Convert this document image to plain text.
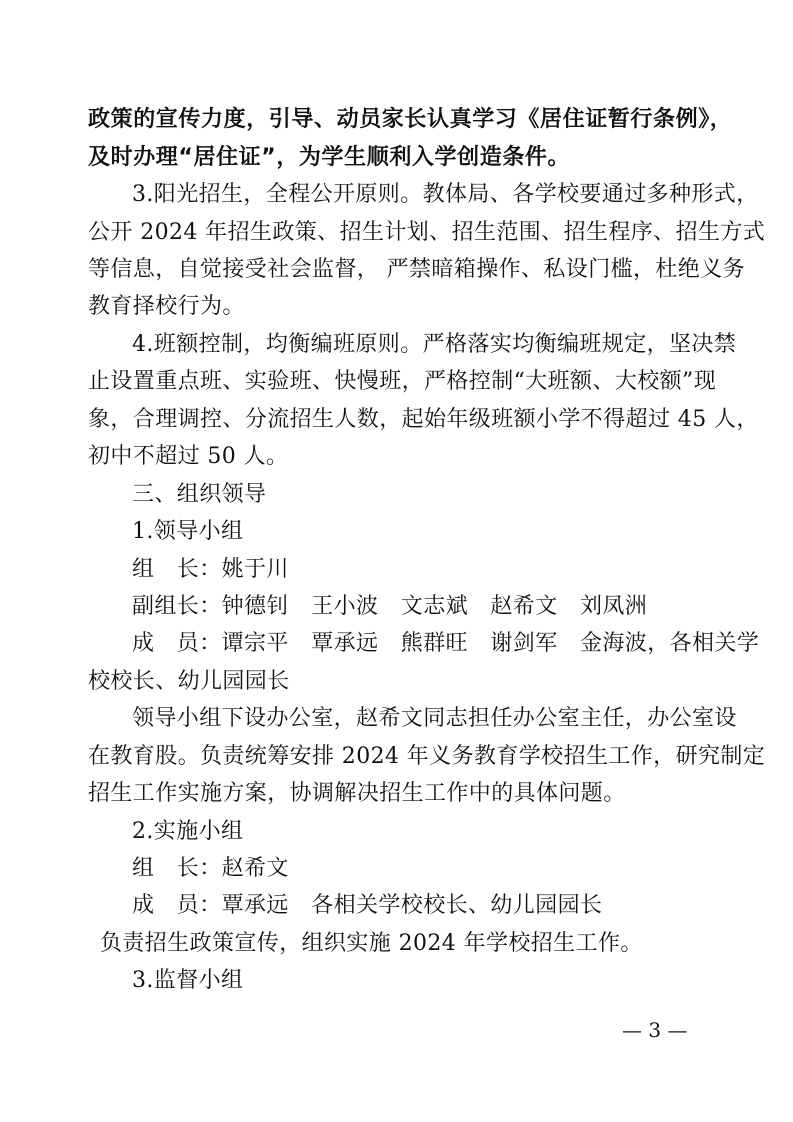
政策的宣传力度，引导、动员家长认真学习《居住证暂行条例》，
及时办理“居住证”，为学生顺利入学创造条件。
3.阳光招生，全程公开原则。教体局、各学校要通过多种形式，
公开 2024 年招生政策、招生计划、招生范围、招生程序、招生方式
等信息，自觉接受社会监督， 严禁暗箱操作、私设门槛，杜绝义务
教育择校行为。
4.班额控制，均衡编班原则。严格落实均衡编班规定，坚决禁
止设置重点班、实验班、快慢班，严格控制“大班额、大校额”现
象，合理调控、分流招生人数，起始年级班额小学不得超过 45 人，
初中不超过 50 人。
三、组织领导
1.领导小组
组　长：姚于川
副组长：钟德钊　王小波　文志斌　赵希文　刘凤洲
成　员：谭宗平　覃承远　熊群旺　谢剑军　金海波，各相关学
校校长、幼儿园园长
领导小组下设办公室，赵希文同志担任办公室主任，办公室设
在教育股。负责统筹安排 2024 年义务教育学校招生工作，研究制定
招生工作实施方案，协调解决招生工作中的具体问题。
2.实施小组
组　长：赵希文
成　员：覃承远　各相关学校校长、幼儿园园长
负责招生政策宣传，组织实施 2024 年学校招生工作。
3.监督小组
— 3 —
